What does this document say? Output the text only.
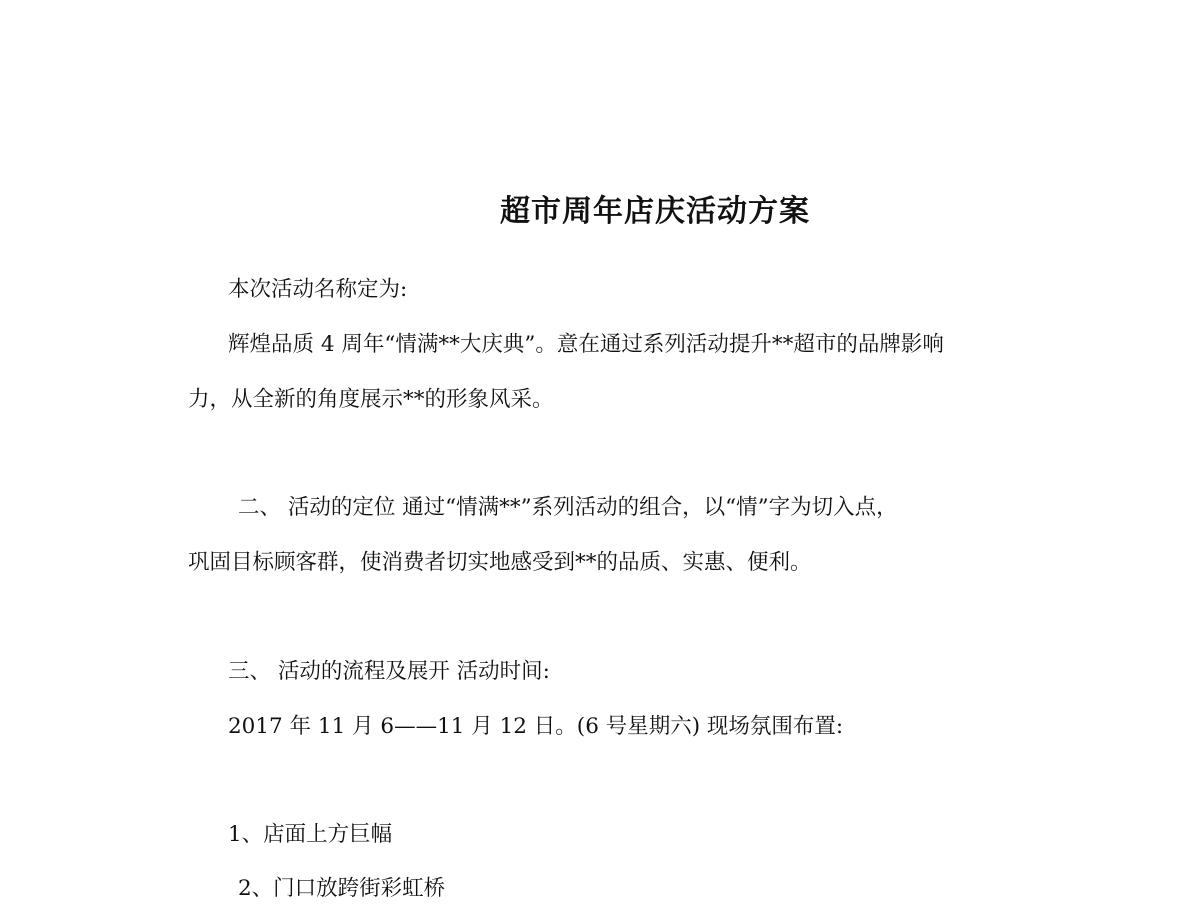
超市周年店庆活动方案

本次活动名称定为:

辉煌品质 4 周年“情满**大庆典”。意在通过系列活动提升**超市的品牌影响

力，从全新的角度展示**的形象风采。

二、 活动的定位 通过“情满**”系列活动的组合，以“情”字为切入点，

巩固目标顾客群，使消费者切实地感受到**的品质、实惠、便利。

三、 活动的流程及展开 活动时间:

2017 年 11 月 6——11 月 12 日。(6 号星期六) 现场氛围布置:

1、店面上方巨幅

2、门口放跨街彩虹桥
